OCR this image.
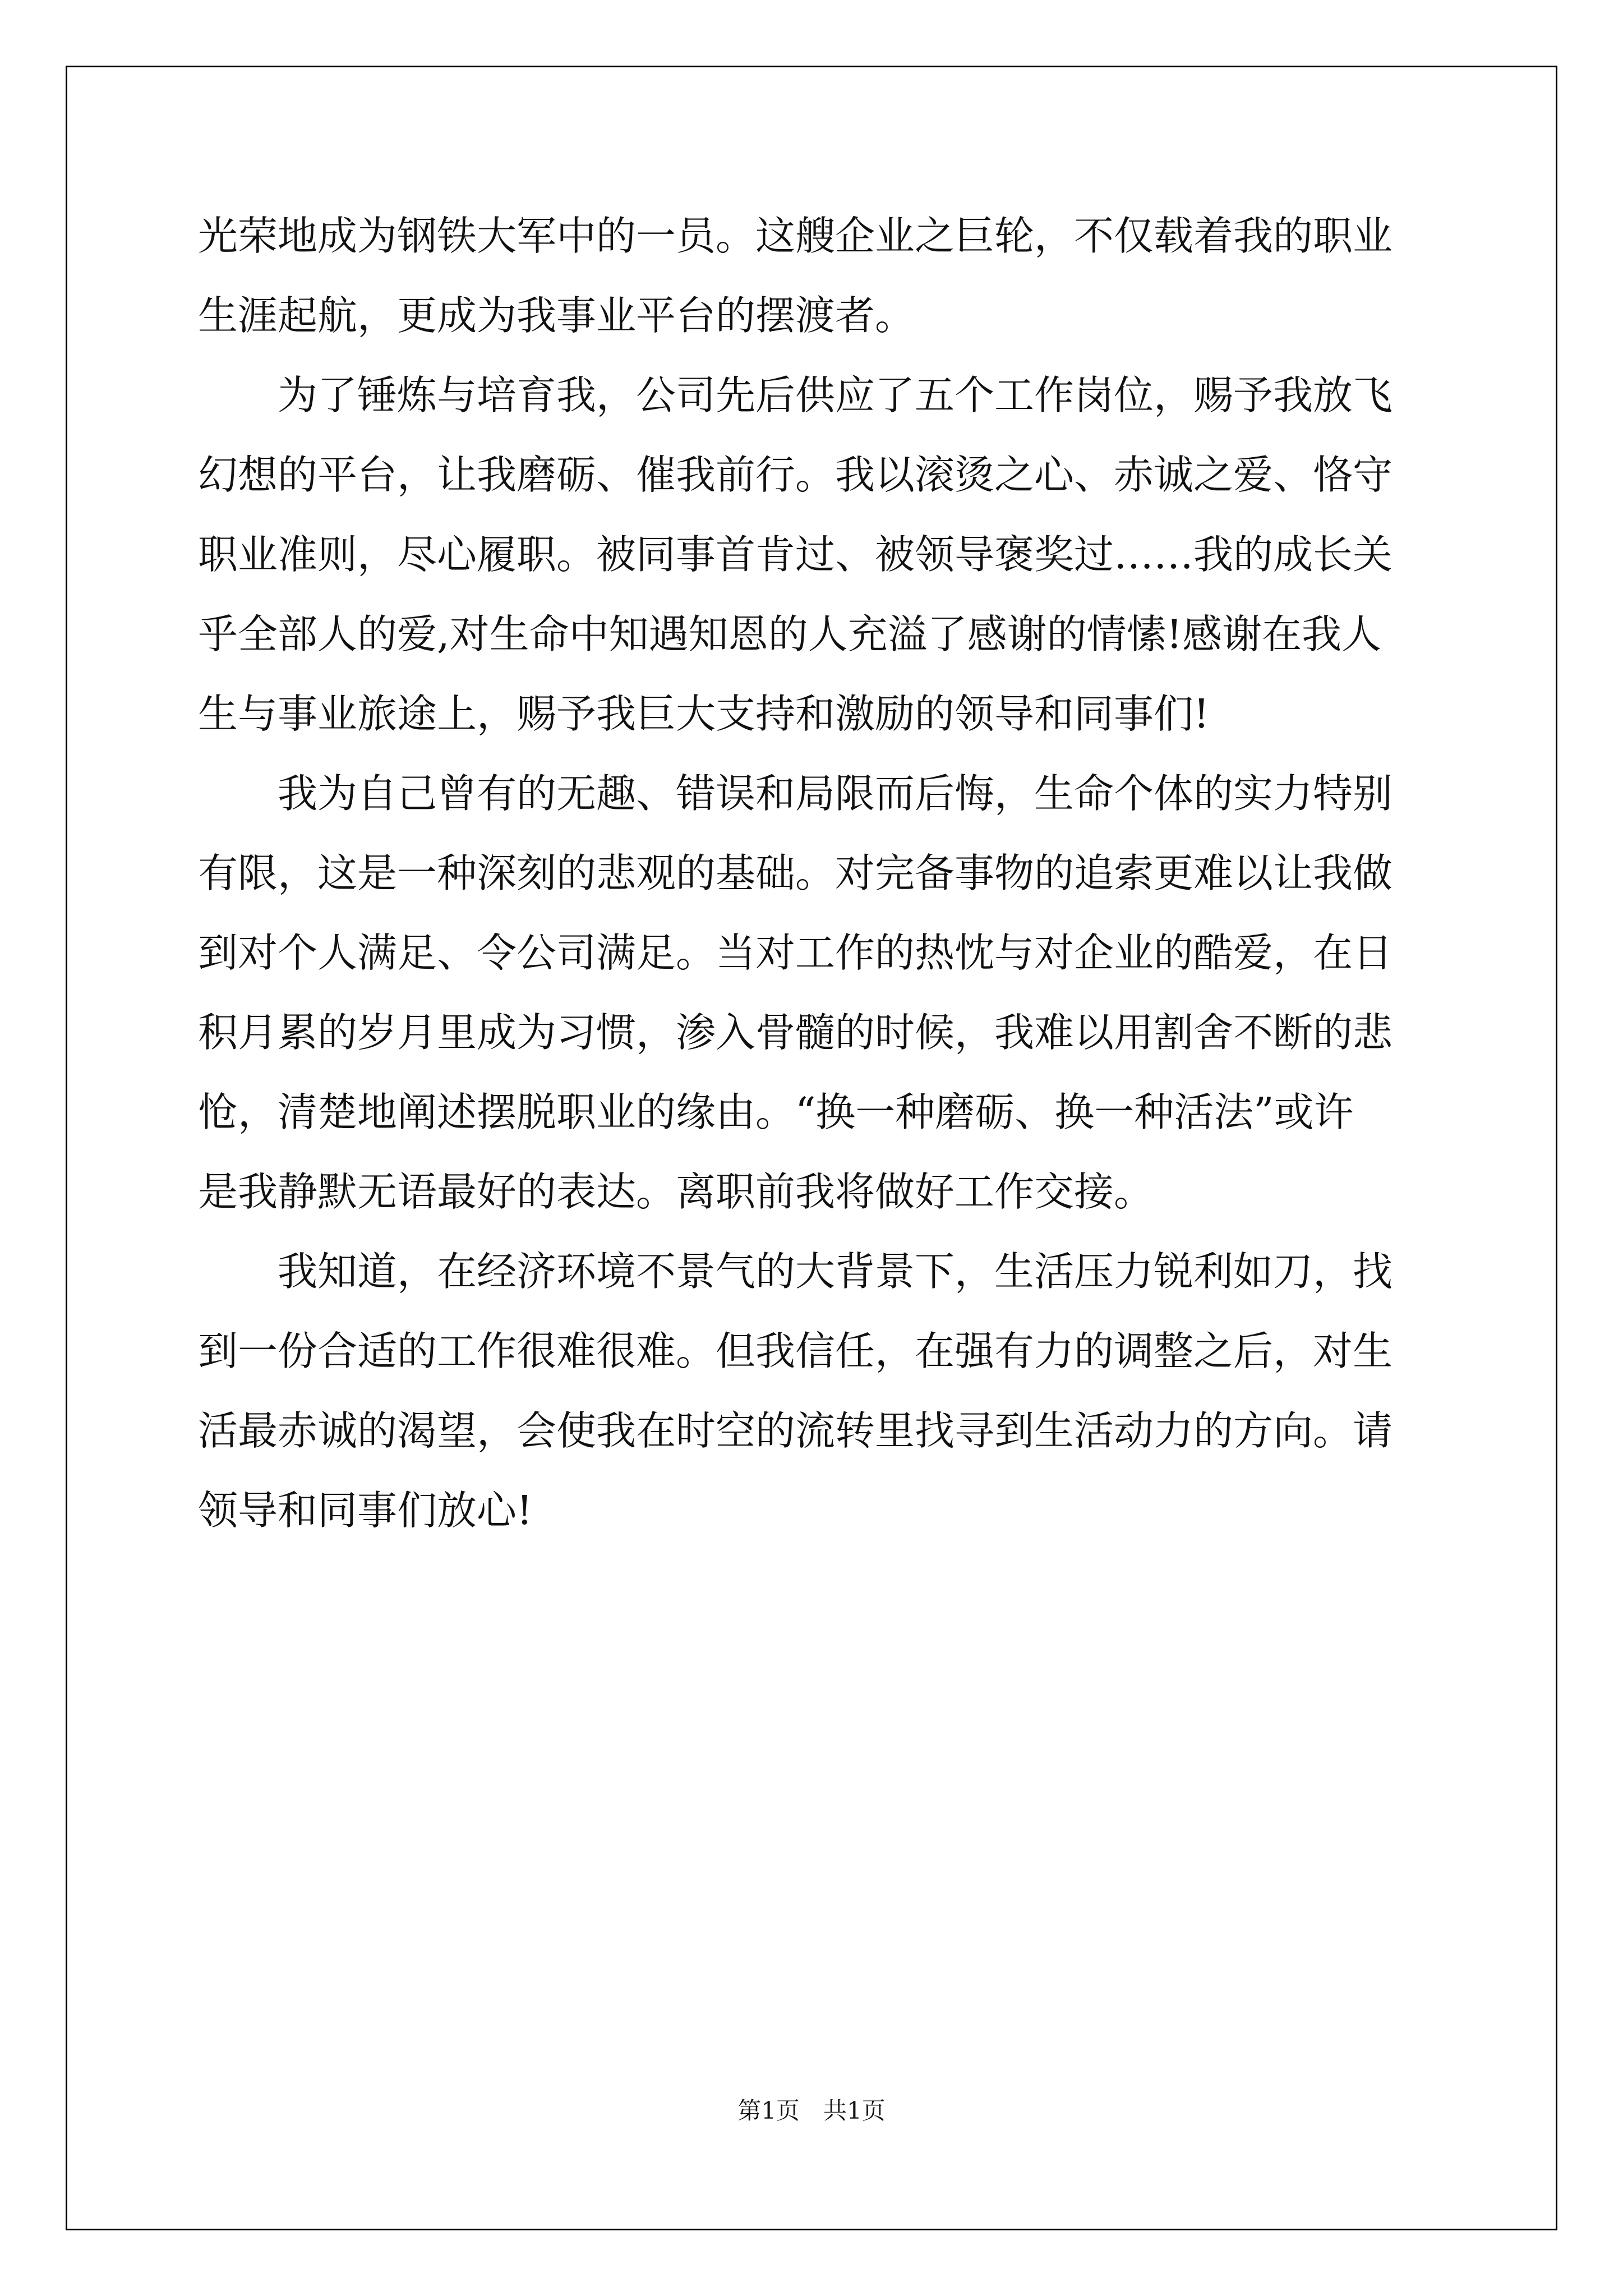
光荣地成为钢铁大军中的一员。这艘企业之巨轮，不仅载着我的职业
生涯起航，更成为我事业平台的摆渡者。
为了锤炼与培育我，公司先后供应了五个工作岗位，赐予我放飞
幻想的平台，让我磨砺、催我前行。我以滚烫之心、赤诚之爱、恪守
职业准则，尽心履职。被同事首肯过、被领导褒奖过……我的成长关
乎全部人的爱,对生命中知遇知恩的人充溢了感谢的情愫!感谢在我人
生与事业旅途上，赐予我巨大支持和激励的领导和同事们!
我为自己曾有的无趣、错误和局限而后悔，生命个体的实力特别
有限，这是一种深刻的悲观的基础。对完备事物的追索更难以让我做
到对个人满足、令公司满足。当对工作的热忱与对企业的酷爱，在日
积月累的岁月里成为习惯，渗入骨髓的时候，我难以用割舍不断的悲
怆，清楚地阐述摆脱职业的缘由。“换一种磨砺、换一种活法”或许
是我静默无语最好的表达。离职前我将做好工作交接。
我知道，在经济环境不景气的大背景下，生活压力锐利如刀，找
到一份合适的工作很难很难。但我信任，在强有力的调整之后，对生
活最赤诚的渴望，会使我在时空的流转里找寻到生活动力的方向。请
领导和同事们放心!
第1页　共1页
